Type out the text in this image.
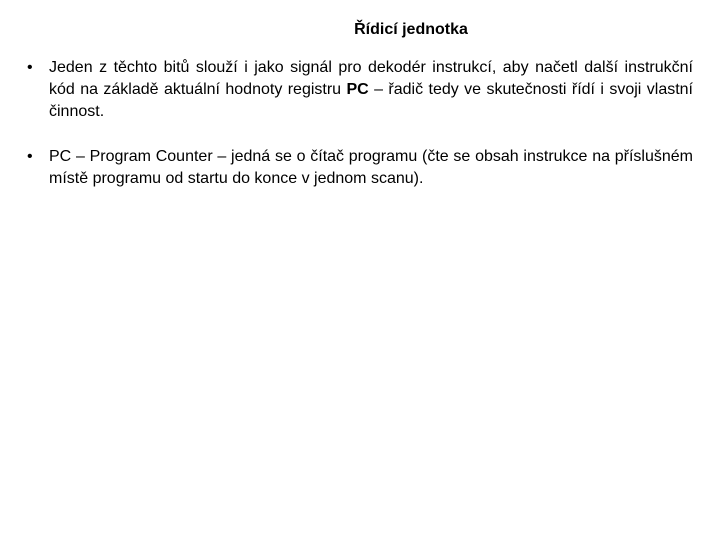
Řídicí jednotka
• Jeden z těchto bitů slouží i jako signál pro dekodér instrukcí, aby načetl další instrukční kód na základě aktuální hodnoty registru PC – řadič tedy ve skutečnosti řídí i svoji vlastní činnost.
• PC – Program Counter – jedná se o čítač programu (čte se obsah instrukce na příslušném místě programu od startu do konce v jednom scanu).
